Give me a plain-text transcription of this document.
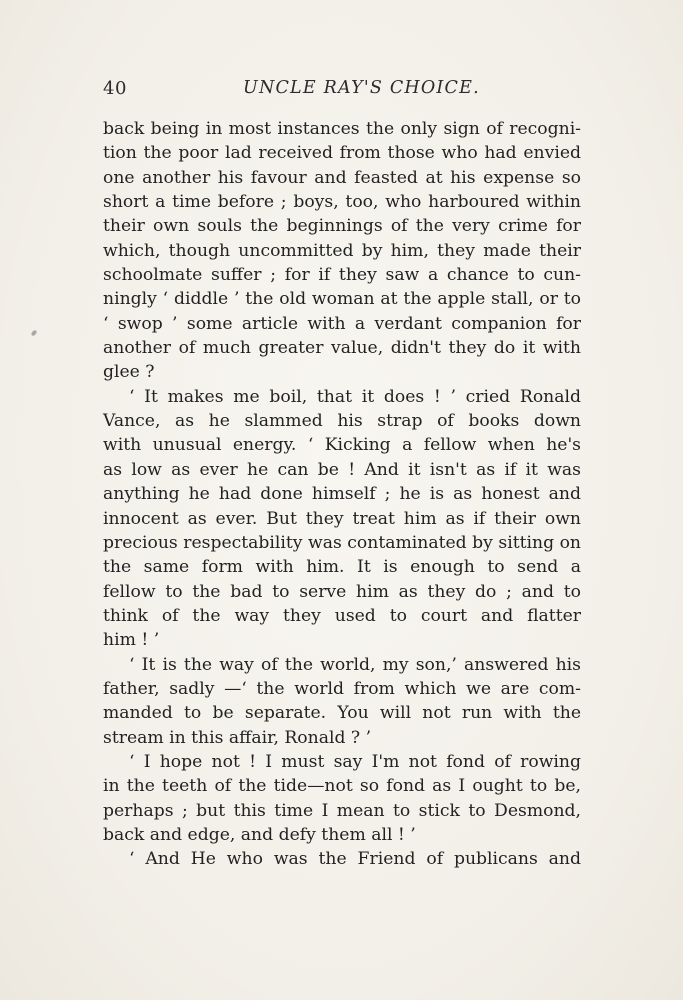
40	UNCLE RAY'S CHOICE.
back being in most instances the only sign of recogni-
tion the poor lad received from those who had envied
one another his favour and feasted at his expense so
short a time before ; boys, too, who harboured within
their own souls the beginnings of the very crime for
which, though uncommitted by him, they made their
schoolmate suffer ; for if they saw a chance to cun-
ningly ‘ diddle ’ the old woman at the apple stall, or to
‘ swop ’ some article with a verdant companion for
another of much greater value, didn't they do it with
glee ?
‘ It makes me boil, that it does ! ’ cried Ronald
Vance, as he slammed his strap of books down
with unusual energy. ‘ Kicking a fellow when he's
as low as ever he can be ! And it isn't as if it was
anything he had done himself ; he is as honest and
innocent as ever. But they treat him as if their own
precious respectability was contaminated by sitting on
the same form with him. It is enough to send a
fellow to the bad to serve him as they do ; and to
think of the way they used to court and flatter
him ! ’
‘ It is the way of the world, my son,’ answered his
father, sadly —‘ the world from which we are com-
manded to be separate. You will not run with the
stream in this affair, Ronald ? ’
‘ I hope not ! I must say I'm not fond of rowing
in the teeth of the tide—not so fond as I ought to be,
perhaps ; but this time I mean to stick to Desmond,
back and edge, and defy them all ! ’
‘ And He who was the Friend of publicans and
